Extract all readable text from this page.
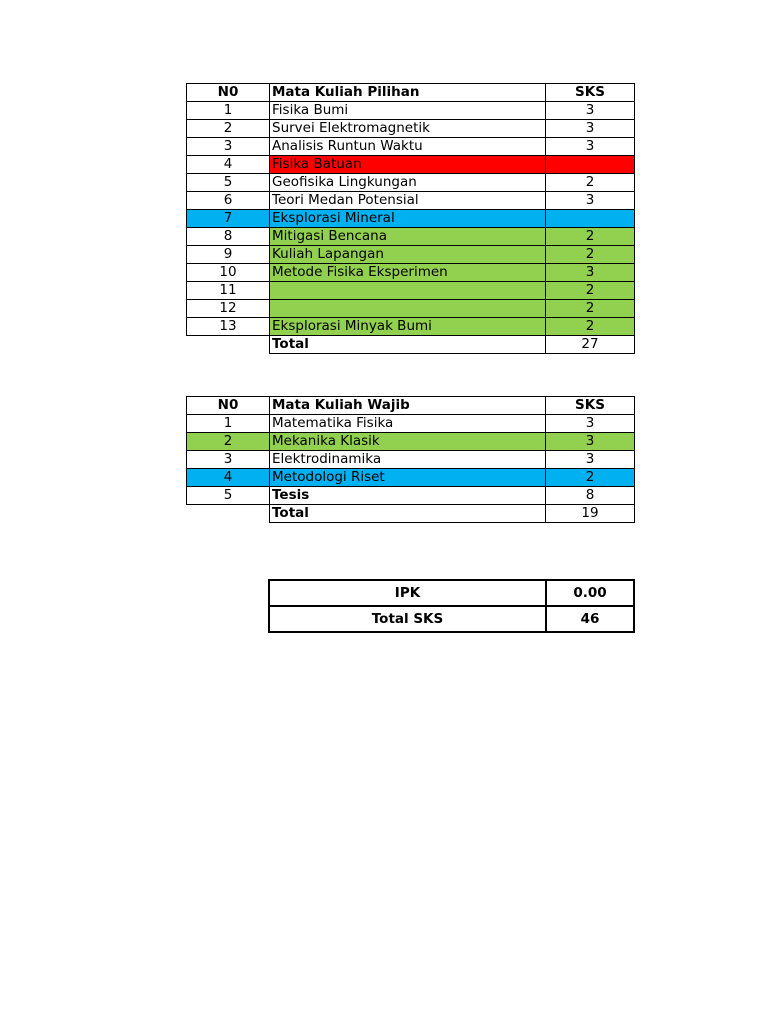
N0	Mata Kuliah Pilihan	SKS
1	Fisika Bumi	3
2	Survei Elektromagnetik	3
3	Analisis Runtun Waktu	3
4	Fisika Batuan	
5	Geofisika Lingkungan	2
6	Teori Medan Potensial	3
7	Eksplorasi Mineral	
8	Mitigasi Bencana	2
9	Kuliah Lapangan	2
10	Metode Fisika Eksperimen	3
11		2
12		2
13	Eksplorasi Minyak Bumi	2
	Total	27
N0	Mata Kuliah Wajib	SKS
1	Matematika Fisika	3
2	Mekanika Klasik	3
3	Elektrodinamika	3
4	Metodologi Riset	2
5	Tesis	8
	Total	19
IPK	0.00
Total SKS	46
